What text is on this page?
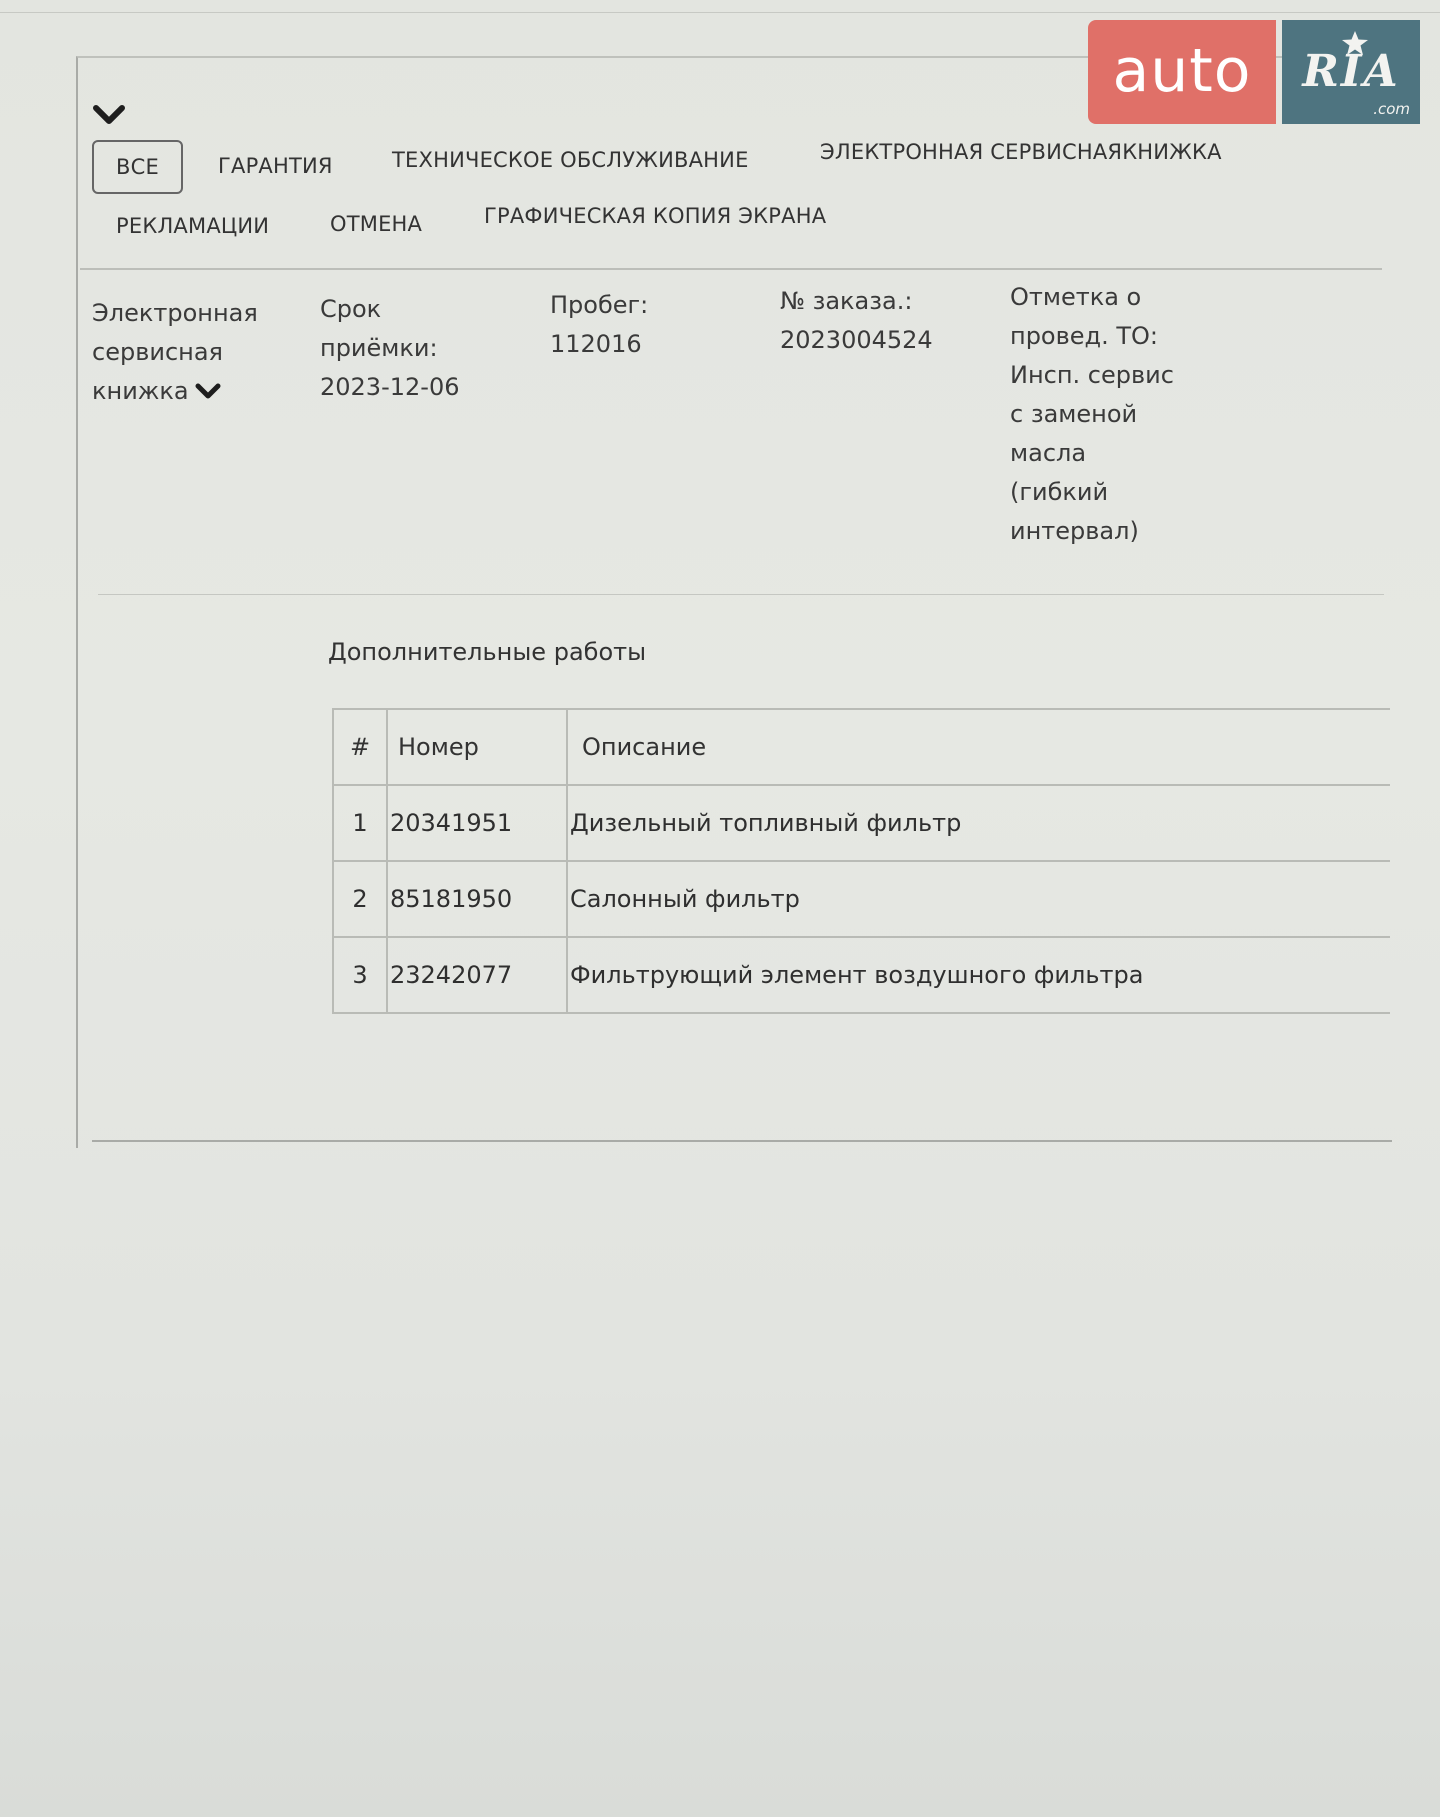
ВСЕ	ГАРАНТИЯ	ТЕХНИЧЕСКОЕ ОБСЛУЖИВАНИЕ	ЭЛЕКТРОННАЯ СЕРВИСНАЯКНИЖКА
РЕКЛАМАЦИИ	ОТМЕНА	ГРАФИЧЕСКАЯ КОПИЯ ЭКРАНА
Электронная
сервисная
книжка
Срок
приёмки:
2023-12-06
Пробег:
112016
№ заказа.:
2023004524
Отметка о
провед. ТО:
Инсп. сервис
с заменой
масла
(гибкий
интервал)
Дополнительные работы
#	Номер	Описание
1	20341951	Дизельный топливный фильтр
2	85181950	Салонный фильтр
3	23242077	Фильтрующий элемент воздушного фильтра
auto	RIA
.com
